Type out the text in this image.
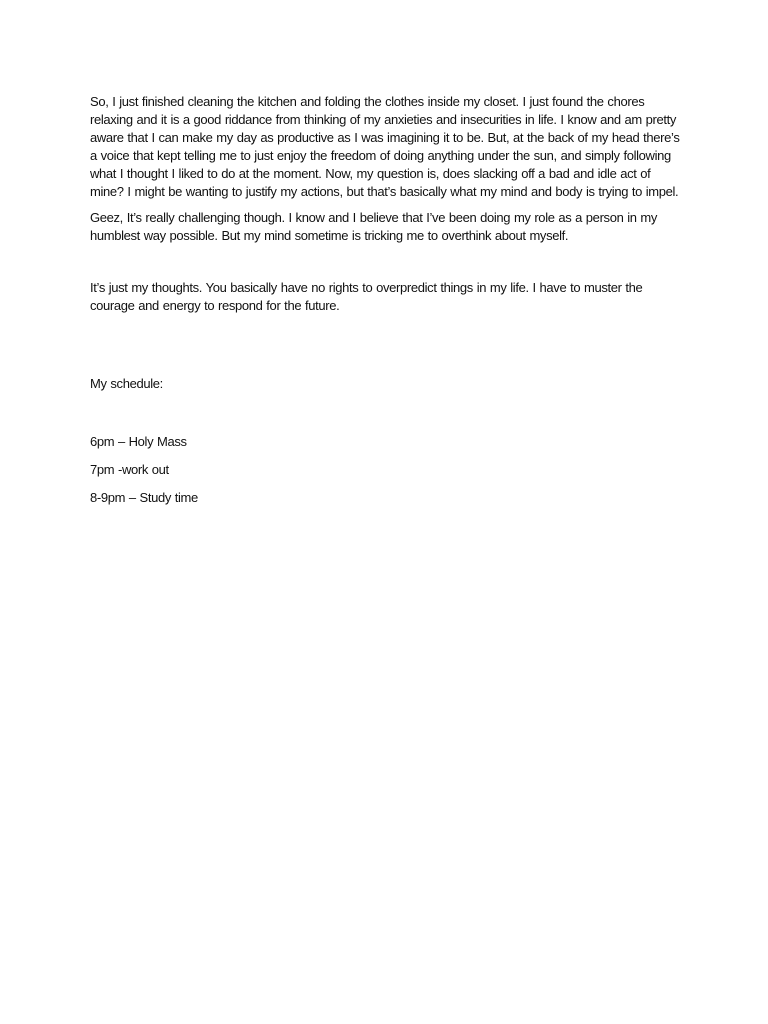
So, I just finished cleaning the kitchen and folding the clothes inside my closet. I just found the chores relaxing and it is a good riddance from thinking of my anxieties and insecurities in life. I know and am pretty aware that I can make my day as productive as I was imagining it to be. But, at the back of my head there’s a voice that kept telling me to just enjoy the freedom of doing anything under the sun, and simply following what I thought I liked to do at the moment. Now, my question is, does slacking off a bad and idle act of mine? I might be wanting to justify my actions, but that’s basically what my mind and body is trying to impel.

Geez, It’s really challenging though. I know and I believe that I’ve been doing my role as a person in my humblest way possible. But my mind sometime is tricking me to overthink about myself.

It’s just my thoughts. You basically have no rights to overpredict things in my life. I have to muster the courage and energy to respond for the future.

My schedule:

6pm – Holy Mass

7pm -work out

8-9pm – Study time
